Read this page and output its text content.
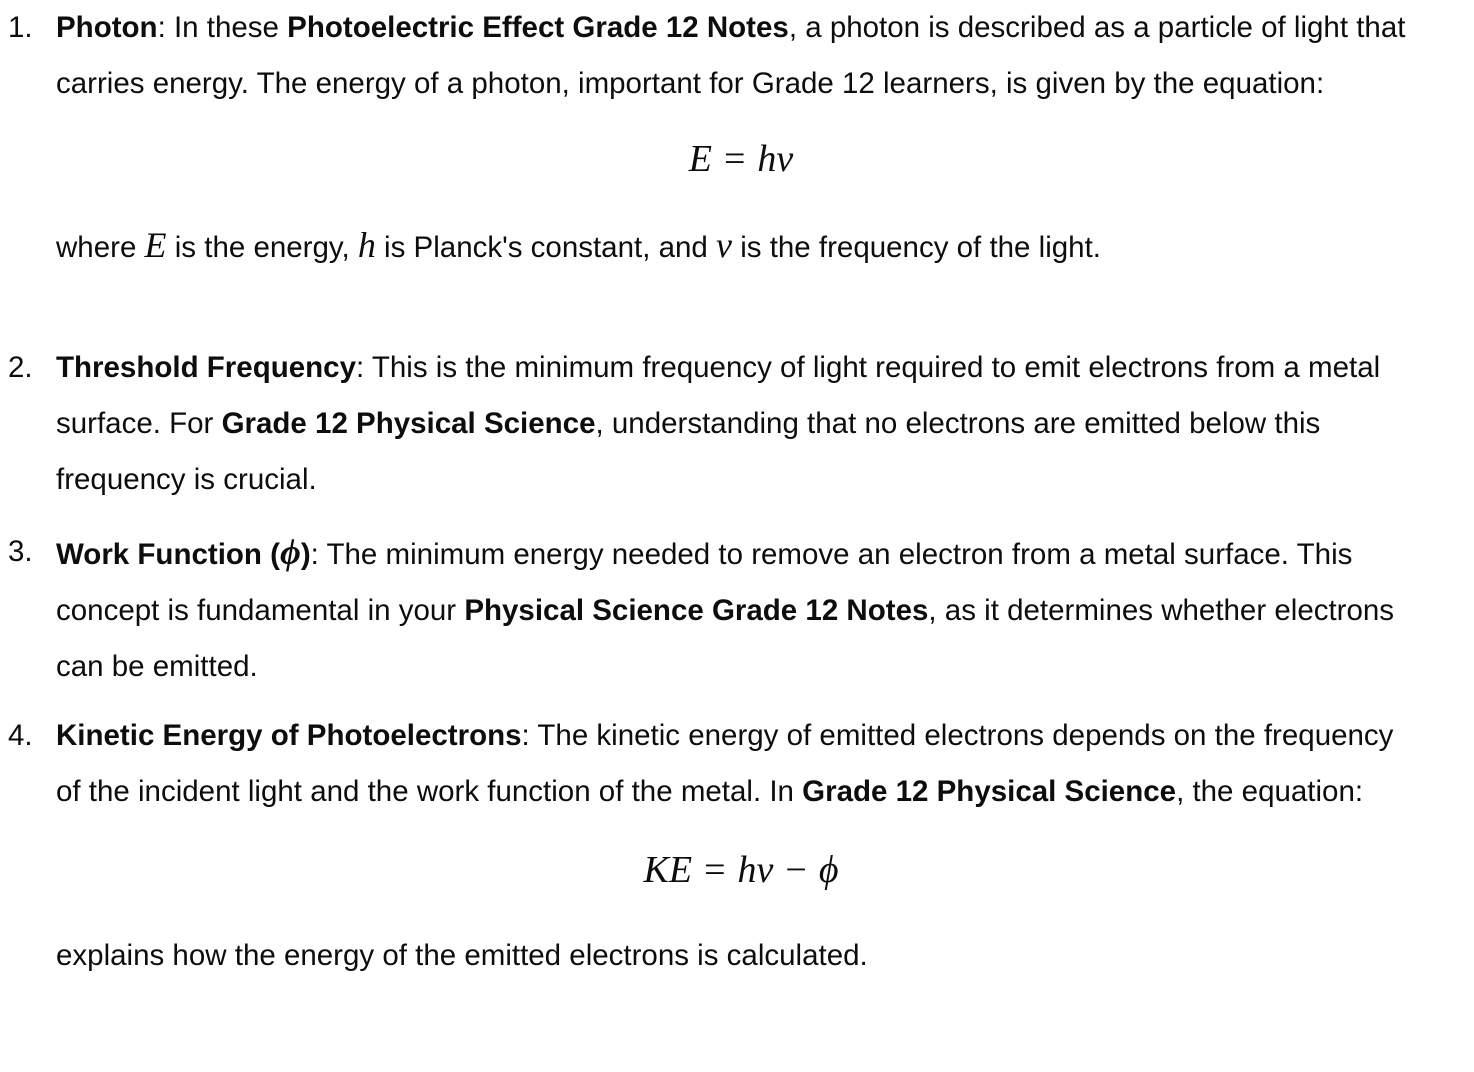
1. Photon: In these Photoelectric Effect Grade 12 Notes, a photon is described as a particle of light that carries energy. The energy of a photon, important for Grade 12 learners, is given by the equation:

E = hν

where E is the energy, h is Planck's constant, and ν is the frequency of the light.

2. Threshold Frequency: This is the minimum frequency of light required to emit electrons from a metal surface. For Grade 12 Physical Science, understanding that no electrons are emitted below this frequency is crucial.

3. Work Function (ϕ): The minimum energy needed to remove an electron from a metal surface. This concept is fundamental in your Physical Science Grade 12 Notes, as it determines whether electrons can be emitted.

4. Kinetic Energy of Photoelectrons: The kinetic energy of emitted electrons depends on the frequency of the incident light and the work function of the metal. In Grade 12 Physical Science, the equation:

KE = hν − ϕ

explains how the energy of the emitted electrons is calculated.
